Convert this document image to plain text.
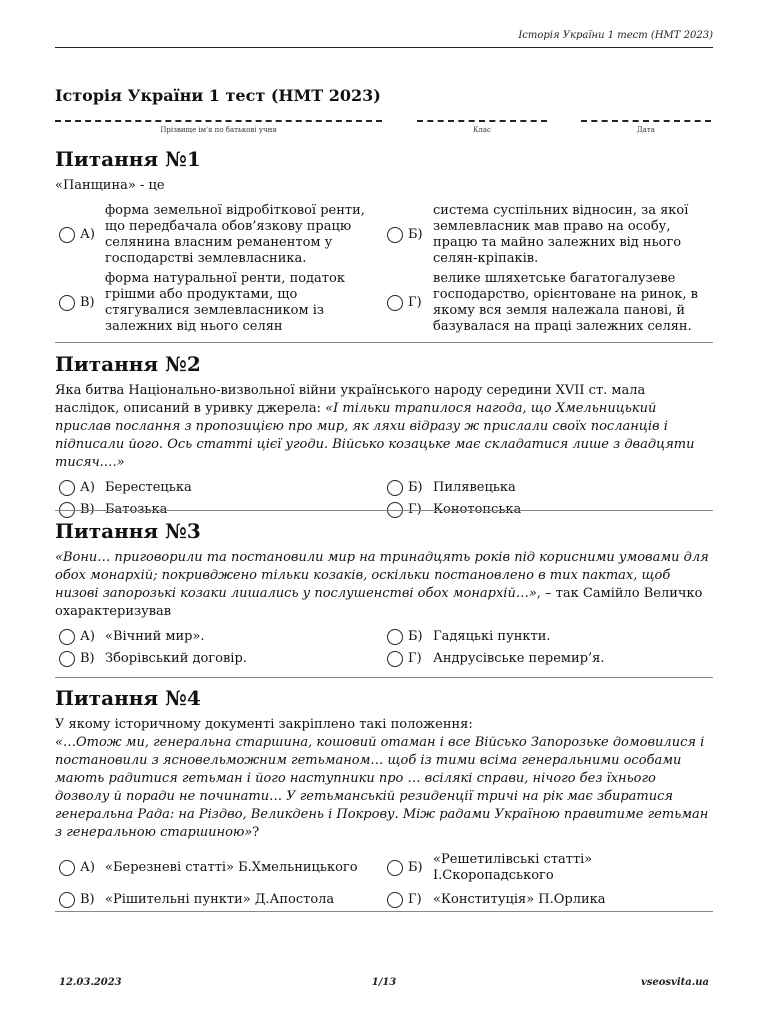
Історія України 1 тест (НМТ 2023)
Історія України 1 тест (НМТ 2023)
Прізвище ім'я по батькові учня	Клас	Дата
Питання №1
«Панщина» - це
А)
форма земельної відробіткової ренти, що передбачала обов’язкову працю селянина власним реманентом у господарстві землевласника.
Б)
система суспільних відносин, за якої землевласник мав право на особу, працю та майно залежних від нього селян-кріпаків.
В)
форма натуральної ренти, податок грішми або продуктами, що стягувалися землевласником із залежних від нього селян
Г)
велике шляхетське багатогалузеве господарство, орієнтоване на ринок, в якому вся земля належала панові, й базувалася на праці залежних селян.
Питання №2
Яка битва Національно-визвольної війни українського народу середини XVII ст. мала наслідок, описаний в уривку джерела: «І тільки трапилося нагода, що Хмельницький прислав послання з пропозицією про мир, як ляхи відразу ж прислали своїх посланців і підписали його. Ось статті цієї угоди. Військо козацьке має складатися лише з двадцяти тисяч.…»
А) Берестецька	Б) Пилявецька
В) Батозька	Г) Конотопська
Питання №3
«Вони… приговорили та постановили мир на тринадцять років під корисними умовами для обох монархій; покривджено тільки козаків, оскільки постановлено в тих пактах, щоб низові запорозькі козаки лишались у послушенстві обох монархій…», – так Самійло Величко охарактеризував
А) «Вічний мир».	Б) Гадяцькі пункти.
В) Зборівський договір.	Г) Андрусівське перемир’я.
Питання №4
У якому історичному документі закріплено такі положення:
«…Отож ми, генеральна старшина, кошовий отаман і все Військо Запорозьке домовилися і постановили з ясновельможним гетьманом… щоб із тими всіма генеральними особами мають радитися гетьман і його наступники про … всілякі справи, нічого без їхнього дозволу й поради не починати… У гетьманській резиденції тричі на рік має збиратися генеральна Рада: на Різдво, Великдень і Покрову. Між радами Україною правитиме гетьман з генеральною старшиною»?
А) «Березневі статті» Б.Хмельницького	Б)
«Решетилівські статті» І.Скоропадського
В) «Рішительні пункти» Д.Апостола	Г) «Конституція» П.Орлика
12.03.2023	1/13	vseosvita.ua
